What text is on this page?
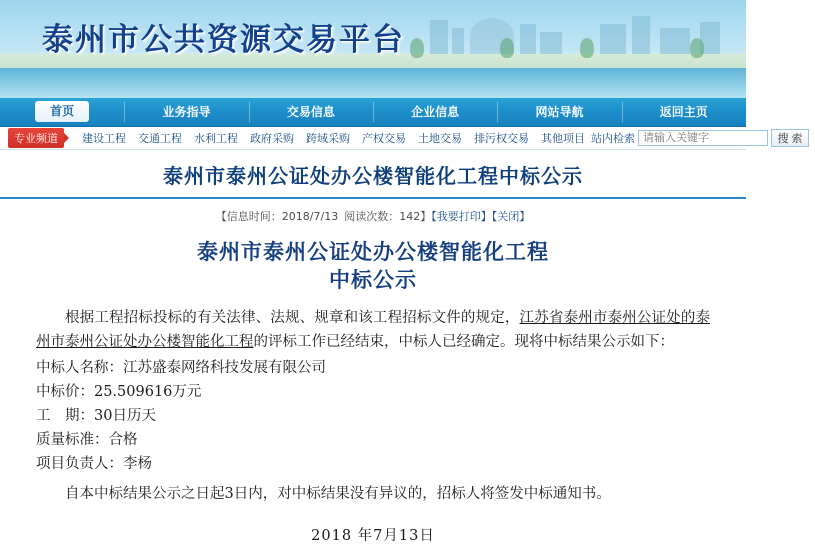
泰州市公共资源交易平台
首页	业务指导	交易信息	企业信息	网站导航	返回主页
专业频道	建设工程	交通工程	水利工程	政府采购	跨域采购	产权交易	土地交易	排污权交易	其他项目 站内检索
请输入关键字	搜 索
泰州市泰州公证处办公楼智能化工程中标公示
【信息时间：2018/7/13 阅读次数：142】【我要打印】【关闭】
泰州市泰州公证处办公楼智能化工程
中标公示
根据工程招标投标的有关法律、法规、规章和该工程招标文件的规定，江苏省泰州市泰州公证处的泰州市泰州公证处办公楼智能化工程的评标工作已经结束，中标人已经确定。现将中标结果公示如下：
中标人名称：江苏盛泰网络科技发展有限公司
中标价：25.509616万元
工　期：30日历天
质量标准：合格
项目负责人：李杨
自本中标结果公示之日起3日内，对中标结果没有异议的，招标人将签发中标通知书。
2018 年7月13日
